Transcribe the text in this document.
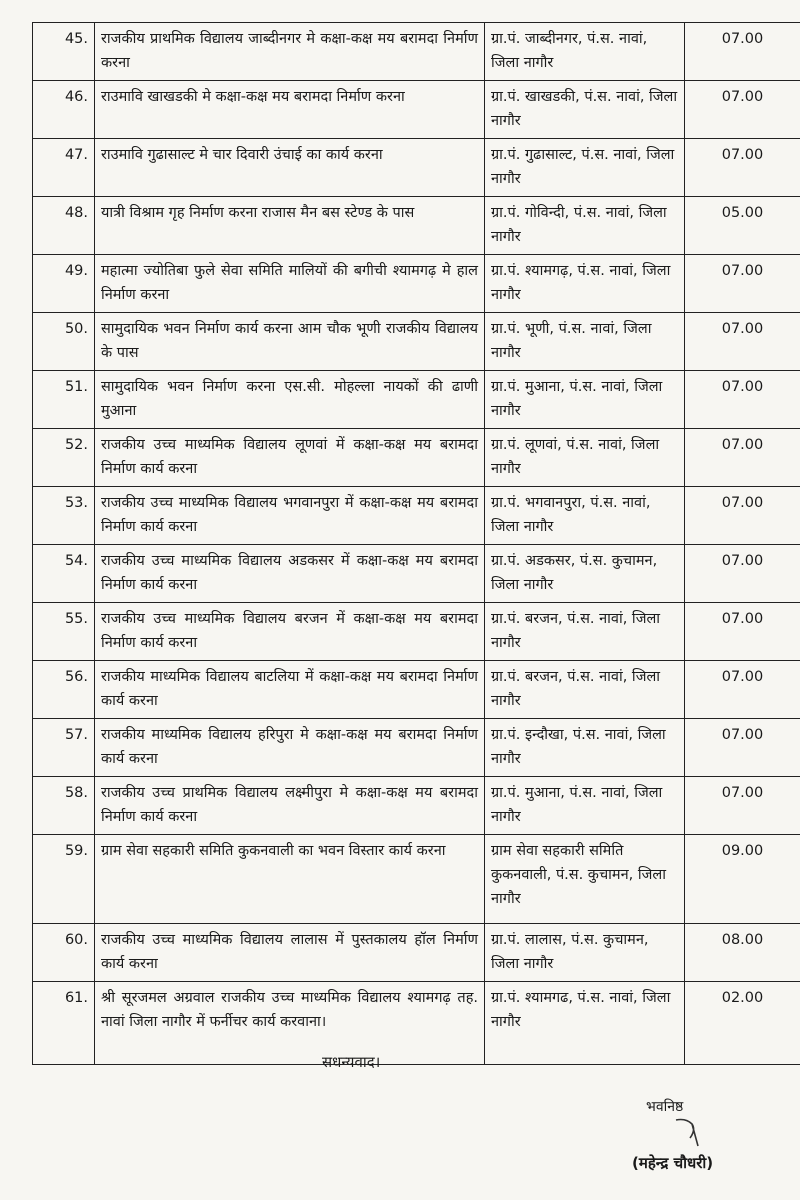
45.	राजकीय प्राथमिक विद्यालय जाब्दीनगर मे कक्षा-कक्ष मय बरामदा निर्माण करना	ग्रा.पं. जाब्दीनगर, पं.स. नावां, जिला नागौर	07.00
46.	राउमावि खाखडकी मे कक्षा-कक्ष मय बरामदा निर्माण करना	ग्रा.पं. खाखडकी, पं.स. नावां, जिला नागौर	07.00
47.	राउमावि गुढासाल्ट मे चार दिवारी उंचाई का कार्य करना	ग्रा.पं. गुढासाल्ट, पं.स. नावां, जिला नागौर	07.00
48.	यात्री विश्राम गृह निर्माण करना राजास मैन बस स्टेण्ड के पास	ग्रा.पं. गोविन्दी, पं.स. नावां, जिला नागौर	05.00
49.	महात्मा ज्योतिबा फुले सेवा समिति मालियों की बगीची श्यामगढ़ मे हाल निर्माण करना	ग्रा.पं. श्यामगढ़, पं.स. नावां, जिला नागौर	07.00
50.	सामुदायिक भवन निर्माण कार्य करना आम चौक भूणी राजकीय विद्यालय के पास	ग्रा.पं. भूणी, पं.स. नावां, जिला नागौर	07.00
51.	सामुदायिक भवन निर्माण करना एस.सी. मोहल्ला नायकों की ढाणी मुआना	ग्रा.पं. मुआना, पं.स. नावां, जिला नागौर	07.00
52.	राजकीय उच्च माध्यमिक विद्यालय लूणवां में कक्षा-कक्ष मय बरामदा निर्माण कार्य करना	ग्रा.पं. लूणवां, पं.स. नावां, जिला नागौर	07.00
53.	राजकीय उच्च माध्यमिक विद्यालय भगवानपुरा में कक्षा-कक्ष मय बरामदा निर्माण कार्य करना	ग्रा.पं. भगवानपुरा, पं.स. नावां, जिला नागौर	07.00
54.	राजकीय उच्च माध्यमिक विद्यालय अडकसर में कक्षा-कक्ष मय बरामदा निर्माण कार्य करना	ग्रा.पं. अडकसर, पं.स. कुचामन, जिला नागौर	07.00
55.	राजकीय उच्च माध्यमिक विद्यालय बरजन में कक्षा-कक्ष मय बरामदा निर्माण कार्य करना	ग्रा.पं. बरजन, पं.स. नावां, जिला नागौर	07.00
56.	राजकीय माध्यमिक विद्यालय बाटलिया में कक्षा-कक्ष मय बरामदा निर्माण कार्य करना	ग्रा.पं. बरजन, पं.स. नावां, जिला नागौर	07.00
57.	राजकीय माध्यमिक विद्यालय हरिपुरा मे कक्षा-कक्ष मय बरामदा निर्माण कार्य करना	ग्रा.पं. इन्दौखा, पं.स. नावां, जिला नागौर	07.00
58.	राजकीय उच्च प्राथमिक विद्यालय लक्ष्मीपुरा मे कक्षा-कक्ष मय बरामदा निर्माण कार्य करना	ग्रा.पं. मुआना, पं.स. नावां, जिला नागौर	07.00
59.	ग्राम सेवा सहकारी समिति कुकनवाली का भवन विस्तार कार्य करना	ग्राम सेवा सहकारी समिति कुकनवाली, पं.स. कुचामन, जिला नागौर	09.00
60.	राजकीय उच्च माध्यमिक विद्यालय लालास में पुस्तकालय हॉल निर्माण कार्य करना	ग्रा.पं. लालास, पं.स. कुचामन, जिला नागौर	08.00
61.	श्री सूरजमल अग्रवाल राजकीय उच्च माध्यमिक विद्यालय श्यामगढ़ तह. नावां जिला नागौर में फर्नीचर कार्य करवाना।	ग्रा.पं. श्यामगढ, पं.स. नावां, जिला नागौर	02.00
सधन्यवाद।
भवनिष्ठ
(महेन्द्र चौधरी)
